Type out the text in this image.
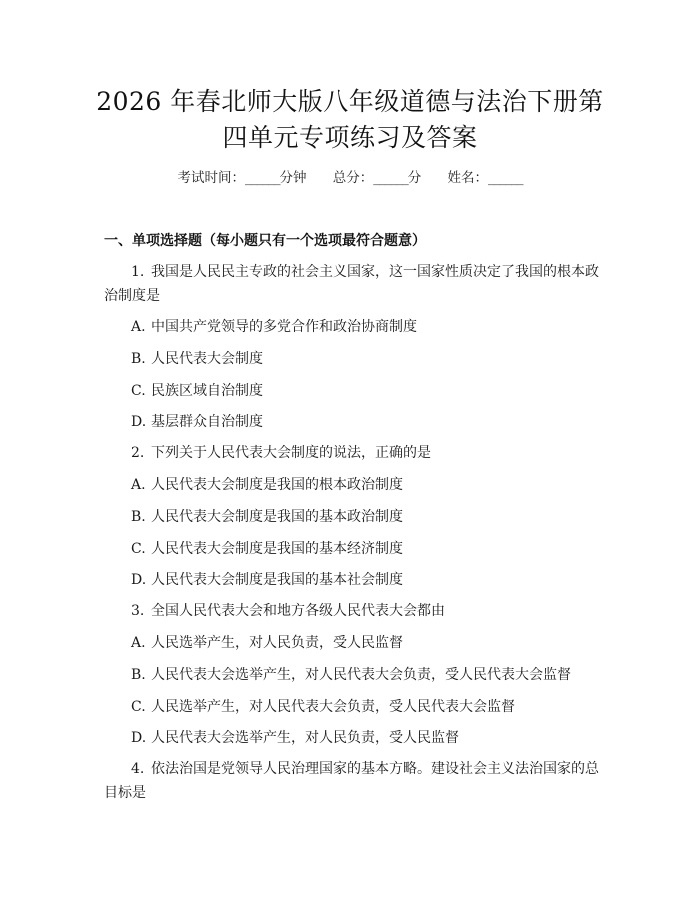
2026 年春北师大版八年级道德与法治下册第
四单元专项练习及答案
考试时间：______分钟 总分：______分 姓名：______
一、单项选择题（每小题只有一个选项最符合题意）
1. 我国是人民民主专政的社会主义国家，这一国家性质决定了我国的根本政
治制度是
A. 中国共产党领导的多党合作和政治协商制度
B. 人民代表大会制度
C. 民族区域自治制度
D. 基层群众自治制度
2. 下列关于人民代表大会制度的说法，正确的是
A. 人民代表大会制度是我国的根本政治制度
B. 人民代表大会制度是我国的基本政治制度
C. 人民代表大会制度是我国的基本经济制度
D. 人民代表大会制度是我国的基本社会制度
3. 全国人民代表大会和地方各级人民代表大会都由
A. 人民选举产生，对人民负责，受人民监督
B. 人民代表大会选举产生，对人民代表大会负责，受人民代表大会监督
C. 人民选举产生，对人民代表大会负责，受人民代表大会监督
D. 人民代表大会选举产生，对人民负责，受人民监督
4. 依法治国是党领导人民治理国家的基本方略。建设社会主义法治国家的总
目标是
